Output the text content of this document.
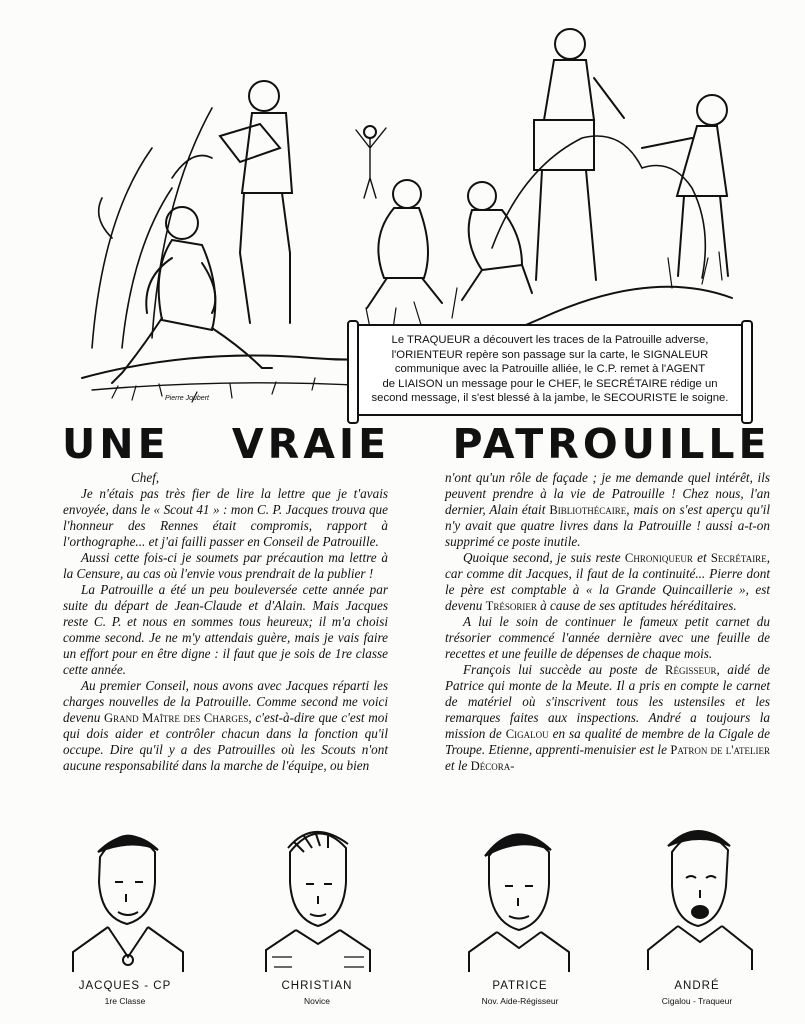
Pierre Joubert
Le TRAQUEUR a découvert les traces de la Patrouille adverse,
l'ORIENTEUR repère son passage sur la carte, le SIGNALEUR
communique avec la Patrouille alliée, le C.P. remet à l'AGENT
de LIAISON un message pour le CHEF, le SECRÉTAIRE rédige un
second message, il s'est blessé à la jambe, le SECOURISTE le soigne.
UNE VRAIE PATROUILLE

Chef,

Je n'étais pas très fier de lire la lettre que je t'avais envoyée, dans le « Scout 41 » : mon C. P. Jacques trouva que l'honneur des Rennes était compromis, rapport à l'orthographe... et j'ai failli passer en Conseil de Patrouille.

Aussi cette fois-ci je soumets par précaution ma lettre à la Censure, au cas où l'envie vous prendrait de la publier !

La Patrouille a été un peu bouleversée cette année par suite du départ de Jean-Claude et d'Alain. Mais Jacques reste C. P. et nous en sommes tous heureux; il m'a choisi comme second. Je ne m'y attendais guère, mais je vais faire un effort pour en être digne : il faut que je sois de 1re classe cette année.

Au premier Conseil, nous avons avec Jacques réparti les charges nouvelles de la Patrouille. Comme second me voici devenu Grand Maître des Charges, c'est-à-dire que c'est moi qui dois aider et contrôler chacun dans la fonction qu'il occupe. Dire qu'il y a des Patrouilles où les Scouts n'ont aucune responsabilité dans la marche de l'équipe, ou bien

n'ont qu'un rôle de façade ; je me demande quel intérêt, ils peuvent prendre à la vie de Patrouille ! Chez nous, l'an dernier, Alain était Bibliothécaire, mais on s'est aperçu qu'il n'y avait que quatre livres dans la Patrouille ! aussi a-t-on supprimé ce poste inutile.

Quoique second, je suis reste Chroniqueur et Secrétaire, car comme dit Jacques, il faut de la continuité... Pierre dont le père est comptable à « la Grande Quincaillerie », est devenu Trésorier à cause de ses aptitudes héréditaires.

A lui le soin de continuer le fameux petit carnet du trésorier commencé l'année dernière avec une feuille de recettes et une feuille de dépenses de chaque mois.

François lui succède au poste de Régisseur, aidé de Patrice qui monte de la Meute. Il a pris en compte le carnet de matériel où s'inscrivent tous les ustensiles et les remarques faites aux inspections. André a toujours la mission de Cigalou en sa qualité de membre de la Cigale de Troupe. Etienne, apprenti-menuisier est le Patron de l'atelier et le Décora-

JACQUES - CP
1re Classe
CHRISTIAN
Novice
PATRICE
Nov. Aide-Régisseur
ANDRÉ
Cigalou - Traqueur
